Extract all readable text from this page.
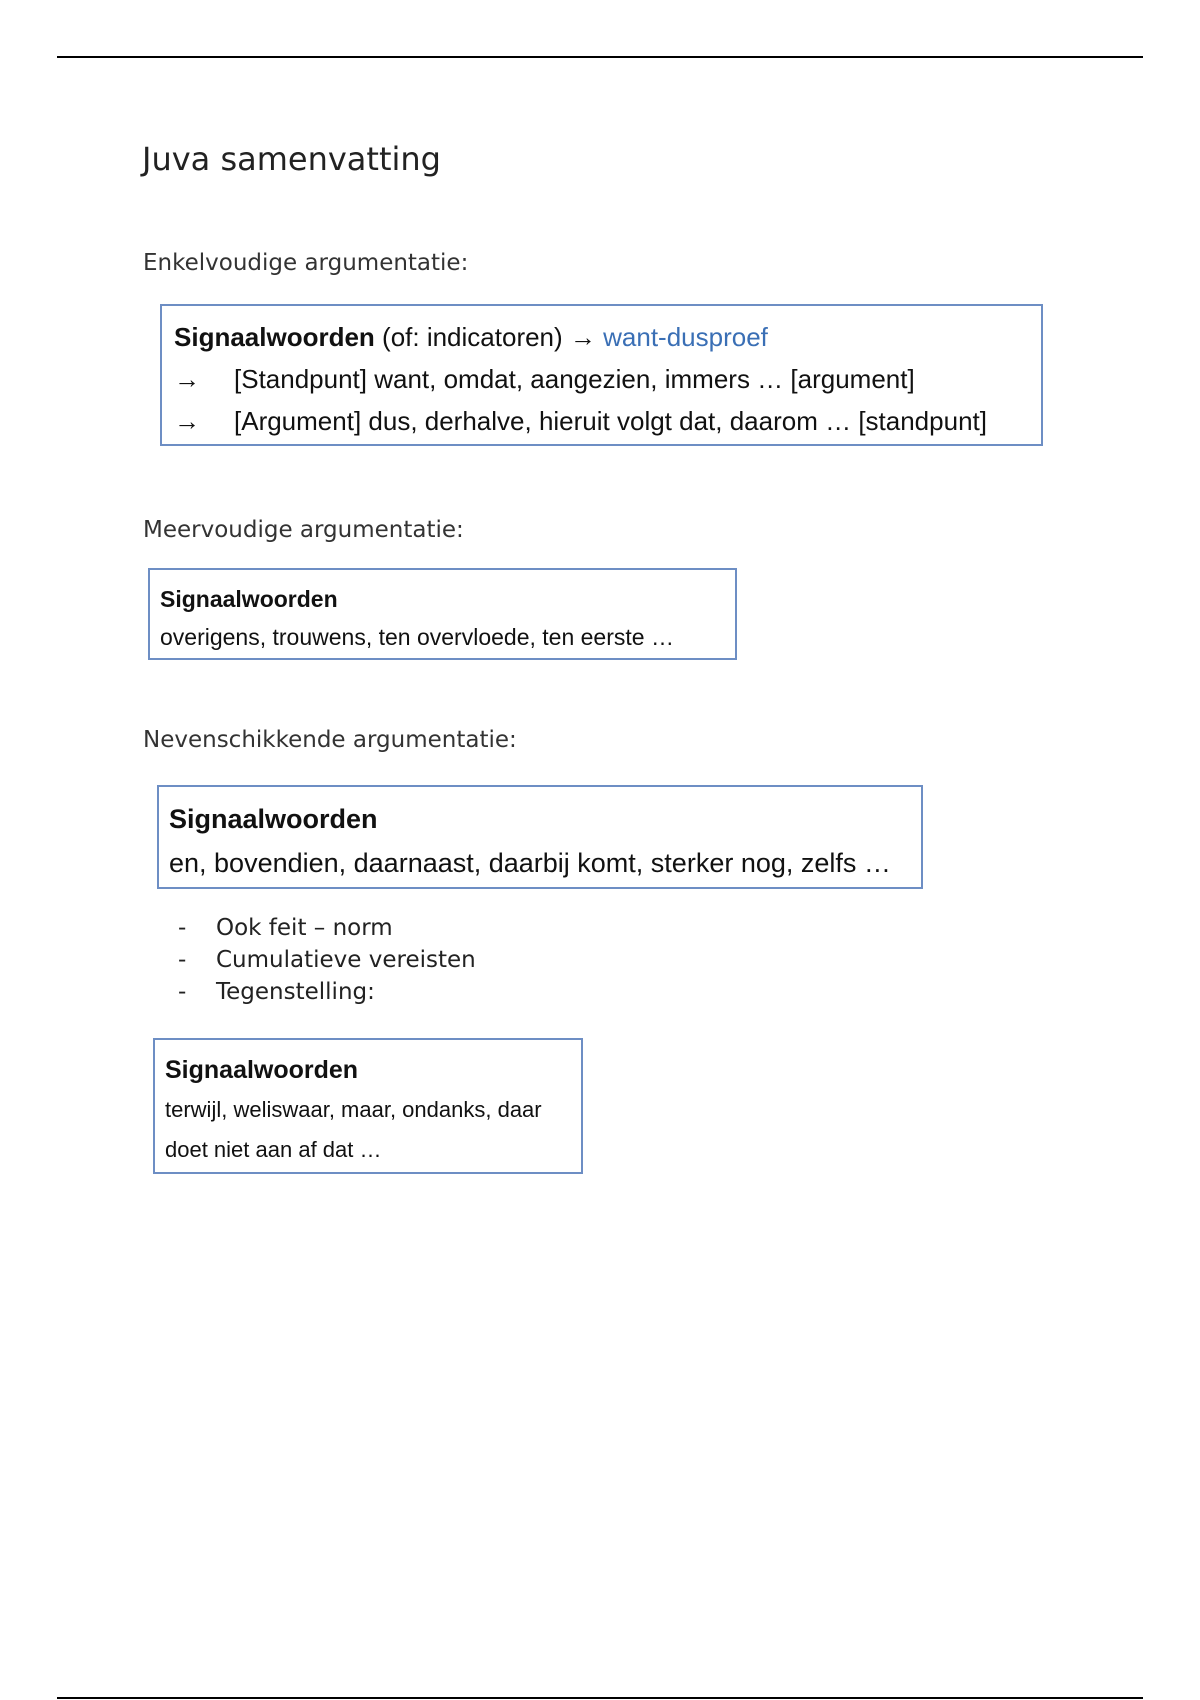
Juva samenvatting
Enkelvoudige argumentatie:
Signaalwoorden (of: indicatoren) → want-dusproef
→ [Standpunt] want, omdat, aangezien, immers … [argument]
→ [Argument] dus, derhalve, hieruit volgt dat, daarom … [standpunt]
Meervoudige argumentatie:
Signaalwoorden
overigens, trouwens, ten overvloede, ten eerste …
Nevenschikkende argumentatie:
Signaalwoorden
en, bovendien, daarnaast, daarbij komt, sterker nog, zelfs …
- Ook feit – norm
- Cumulatieve vereisten
- Tegenstelling:
Signaalwoorden
terwijl, weliswaar, maar, ondanks, daar
doet niet aan af dat …
